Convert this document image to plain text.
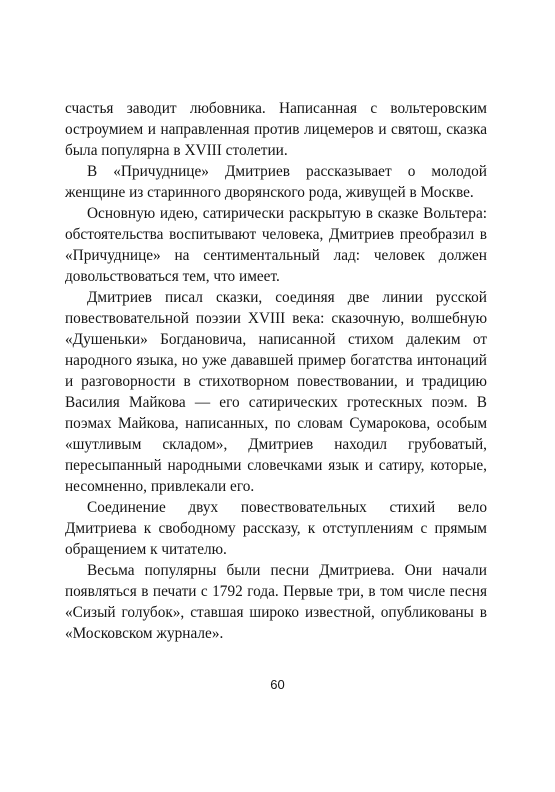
счастья заводит любовника. Написанная с вольтеровским остроумием и направленная против лицемеров и святош, сказка была популярна в XVIII столетии.

В «Причуднице» Дмитриев рассказывает о молодой женщине из старинного дворянского рода, живущей в Москве.

Основную идею, сатирически раскрытую в сказке Вольтера: обстоятельства воспитывают человека, Дмитриев преобразил в «Причуднице» на сентиментальный лад: человек должен довольствоваться тем, что имеет.

Дмитриев писал сказки, соединяя две линии русской повествовательной поэзии XVIII века: сказочную, волшебную «Душеньки» Богдановича, написанной стихом далеким от народного языка, но уже дававшей пример богатства интонаций и разговорности в стихотворном повествовании, и традицию Василия Майкова — его сатирических гротескных поэм. В поэмах Майкова, написанных, по словам Сумарокова, особым «шутливым складом», Дмитриев находил грубоватый, пересыпанный народными словечками язык и сатиру, которые, несомненно, привлекали его.

Соединение двух повествовательных стихий вело Дмитриева к свободному рассказу, к отступлениям с прямым обращением к читателю.

Весьма популярны были песни Дмитриева. Они начали появляться в печати с 1792 года. Первые три, в том числе песня «Сизый голубок», ставшая широко известной, опубликованы в «Московском журнале».

60
